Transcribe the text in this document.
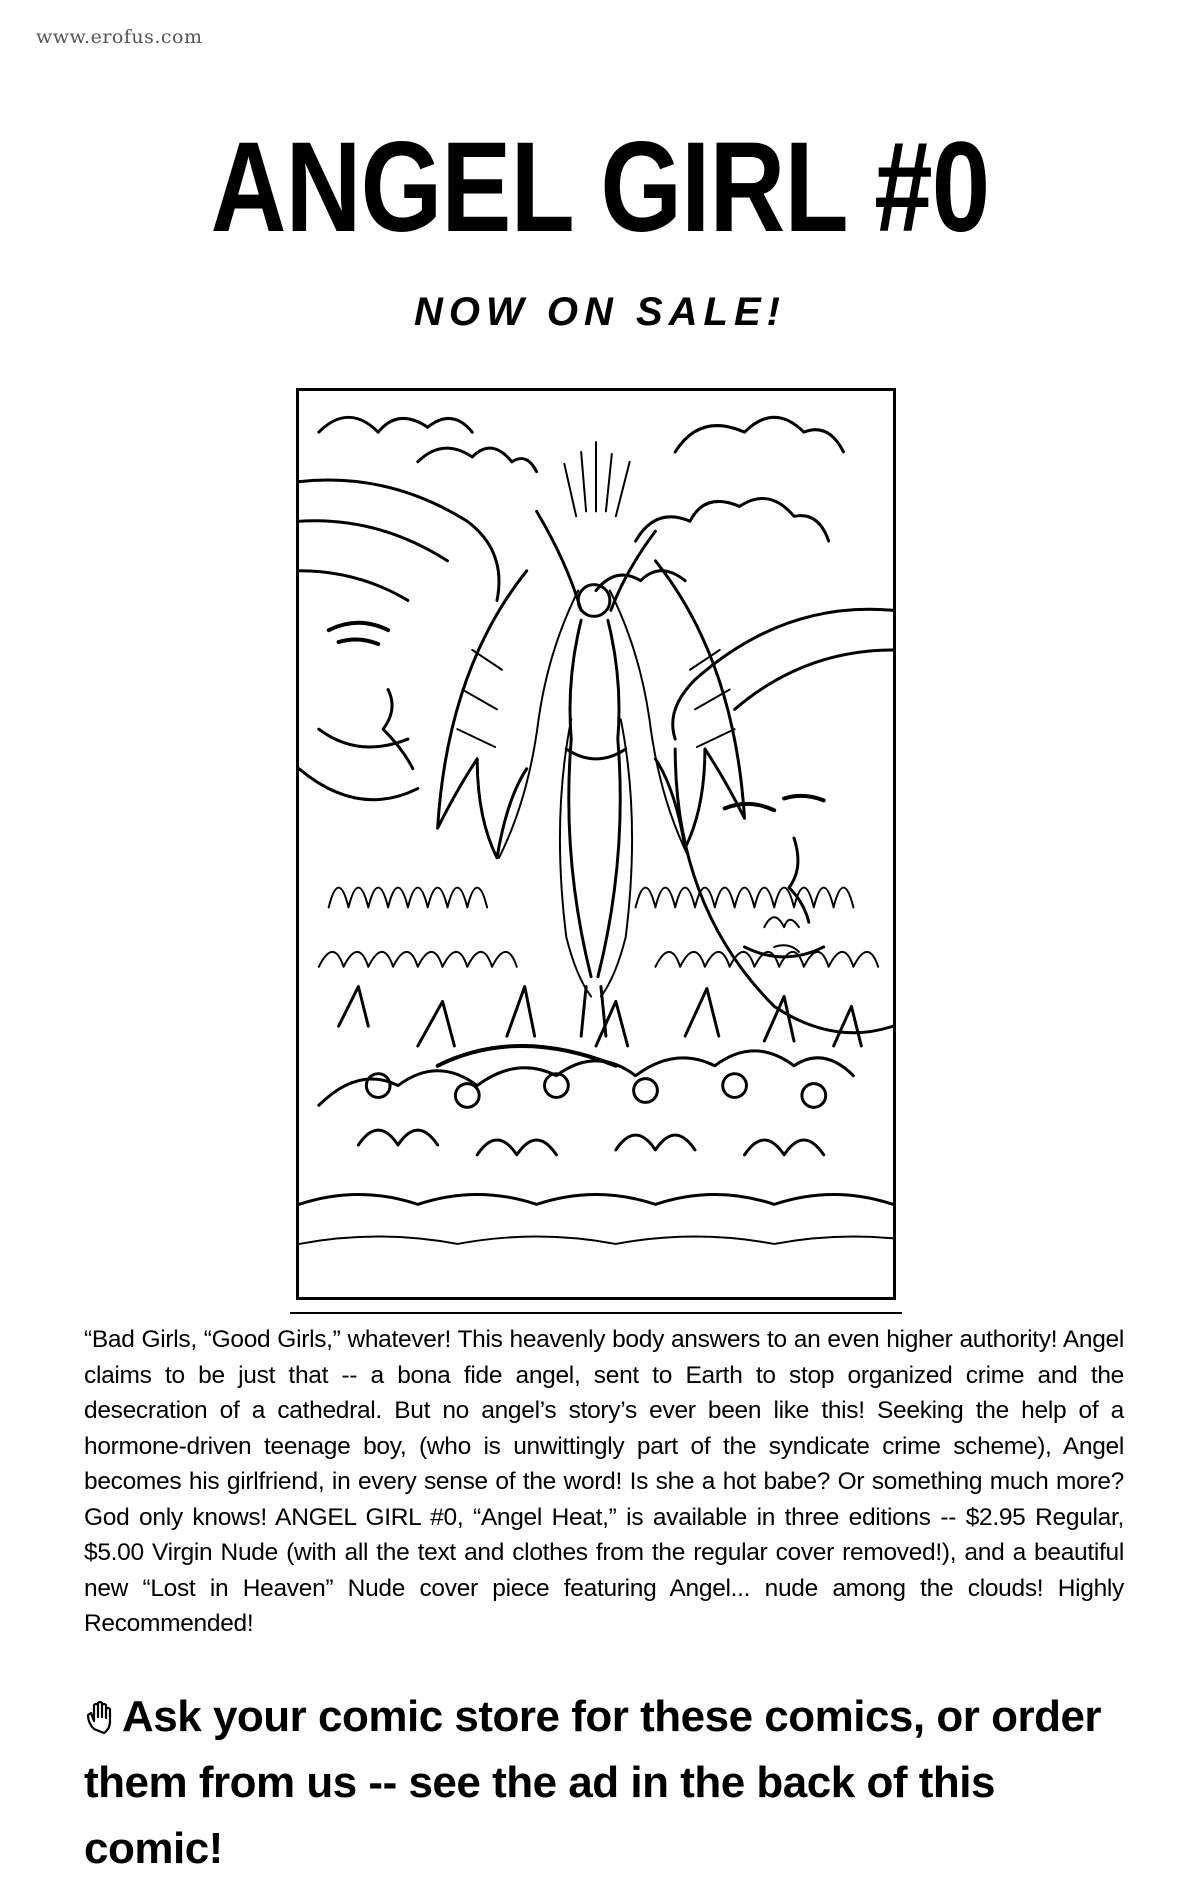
www.erofus.com
ANGEL GIRL #0
NOW ON SALE!
“Bad Girls, “Good Girls,” whatever! This heavenly body answers to an even higher authority! Angel claims to be just that -- a bona fide angel, sent to Earth to stop organized crime and the desecration of a cathedral. But no angel’s story’s ever been like this! Seeking the help of a hormone-driven teenage boy, (who is unwittingly part of the syndicate crime scheme), Angel becomes his girlfriend, in every sense of the word! Is she a hot babe? Or something much more? God only knows! ANGEL GIRL #0, “Angel Heat,” is available in three editions -- $2.95 Regular, $5.00 Virgin Nude (with all the text and clothes from the regular cover removed!), and a beautiful new “Lost in Heaven” Nude cover piece featuring Angel... nude among the clouds! Highly Recommended!
Ask your comic store for these comics, or order them from us -- see the ad in the back of this comic!
